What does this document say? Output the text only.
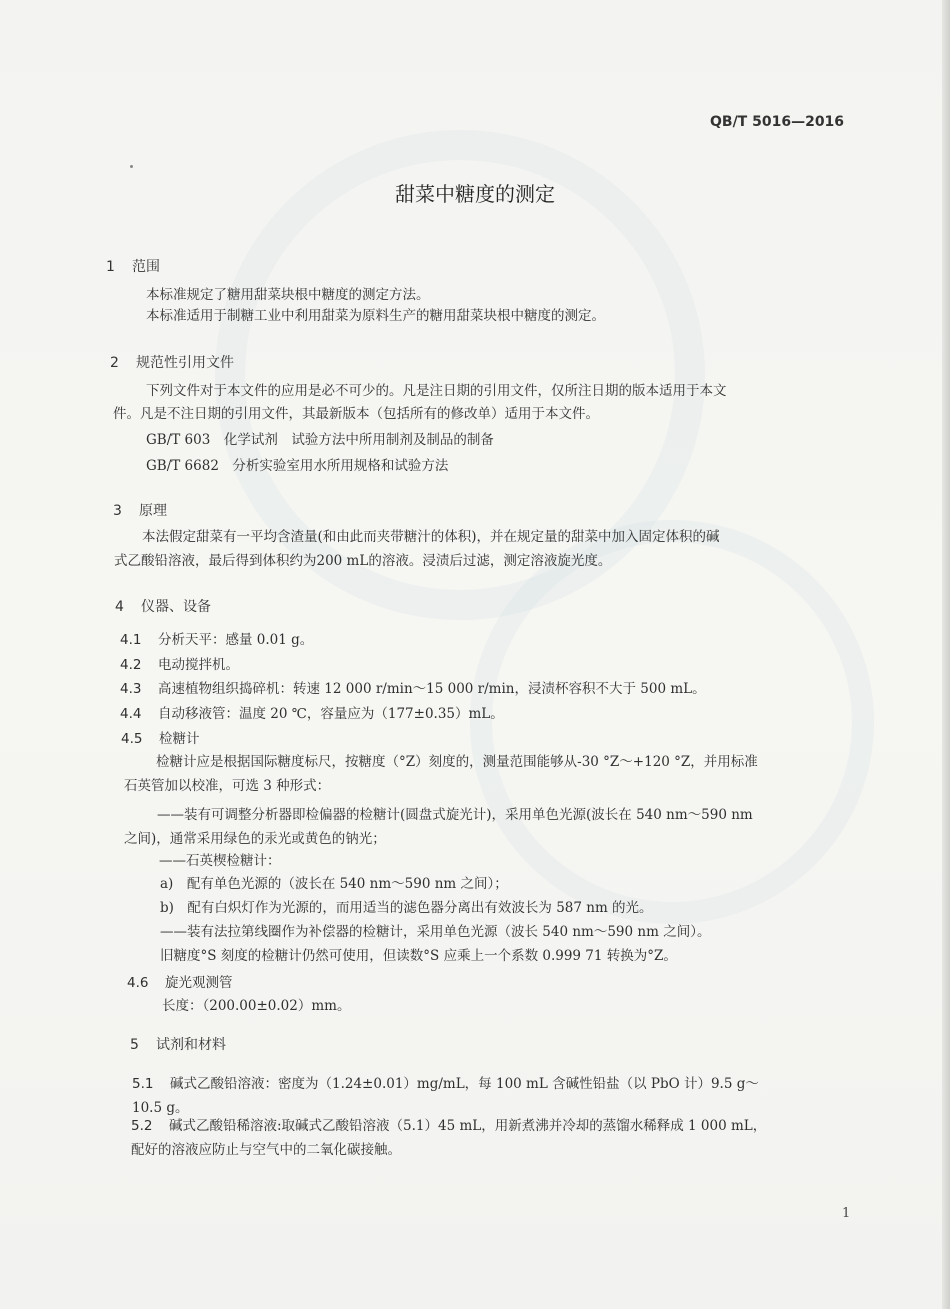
QB/T 5016—2016
甜菜中糖度的测定
1 范围
本标准规定了糖用甜菜块根中糖度的测定方法。
本标准适用于制糖工业中利用甜菜为原料生产的糖用甜菜块根中糖度的测定。
2 规范性引用文件
下列文件对于本文件的应用是必不可少的。凡是注日期的引用文件，仅所注日期的版本适用于本文
件。凡是不注日期的引用文件，其最新版本（包括所有的修改单）适用于本文件。
GB/T 603　化学试剂　试验方法中所用制剂及制品的制备
GB/T 6682　分析实验室用水所用规格和试验方法
3 原理
本法假定甜菜有一平均含渣量(和由此而夹带糖汁的体积)，并在规定量的甜菜中加入固定体积的碱
式乙酸铅溶液，最后得到体积约为200 mL的溶液。浸渍后过滤，测定溶液旋光度。
4 仪器、设备
4.1 分析天平：感量 0.01 g。
4.2 电动搅拌机。
4.3 高速植物组织捣碎机：转速 12 000 r/min～15 000 r/min，浸渍杯容积不大于 500 mL。
4.4 自动移液管：温度 20 ℃，容量应为（177±0.35）mL。
4.5 检糖计
检糖计应是根据国际糖度标尺，按糖度（°Z）刻度的，测量范围能够从-30 °Z～+120 °Z，并用标准
石英管加以校准，可选 3 种形式：
——装有可调整分析器即检偏器的检糖计(圆盘式旋光计)，采用单色光源(波长在 540 nm～590 nm
之间)，通常采用绿色的汞光或黄色的钠光；
——石英楔检糖计：
a)　配有单色光源的（波长在 540 nm～590 nm 之间）；
b)　配有白炽灯作为光源的，而用适当的滤色器分离出有效波长为 587 nm 的光。
——装有法拉第线圈作为补偿器的检糖计，采用单色光源（波长 540 nm～590 nm 之间）。
旧糖度°S 刻度的检糖计仍然可使用，但读数°S 应乘上一个系数 0.999 71 转换为°Z。
4.6 旋光观测管
长度：（200.00±0.02）mm。
5 试剂和材料
5.1 碱式乙酸铅溶液：密度为（1.24±0.01）mg/mL，每 100 mL 含碱性铅盐（以 PbO 计）9.5 g～
10.5 g。
5.2 碱式乙酸铅稀溶液:取碱式乙酸铅溶液（5.1）45 mL，用新煮沸并冷却的蒸馏水稀释成 1 000 mL，
配好的溶液应防止与空气中的二氧化碳接触。
1
